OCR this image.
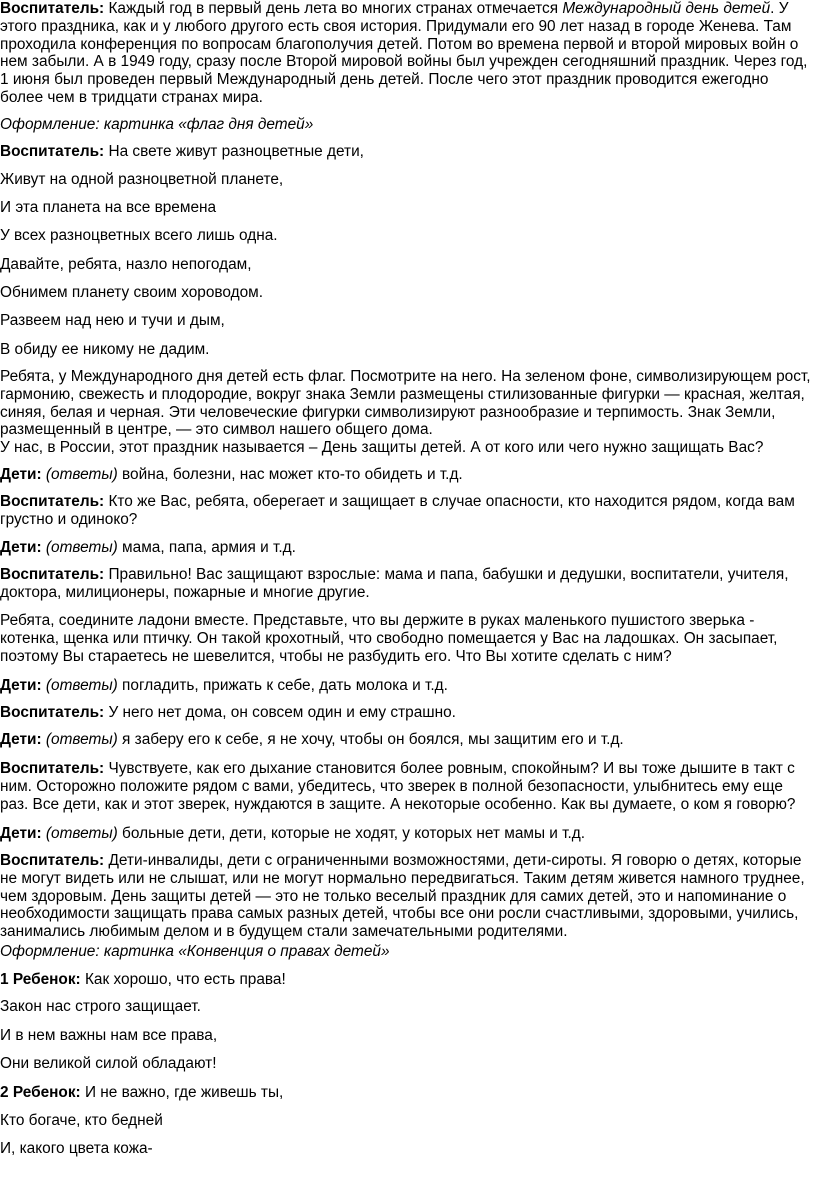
Воспитатель: Каждый год в первый день лета во многих странах отмечается Международный день детей. У этого праздника, как и у любого другого есть своя история. Придумали его 90 лет назад в городе Женева. Там проходила конференция по вопросам благополучия детей. Потом во времена первой и второй мировых войн о нем забыли. А в 1949 году, сразу после Второй мировой войны был учрежден сегодняшний праздник. Через год, 1 июня был проведен первый Международный день детей. После чего этот праздник проводится ежегодно более чем в тридцати странах мира.

Оформление: картинка «флаг дня детей»

Воспитатель: На свете живут разноцветные дети,

Живут на одной разноцветной планете,

И эта планета на все времена

У всех разноцветных всего лишь одна.

Давайте, ребята, назло непогодам,

Обнимем планету своим хороводом.

Развеем над нею и тучи и дым,

В обиду ее никому не дадим.

Ребята, у Международного дня детей есть флаг. Посмотрите на него. На зеленом фоне, символизирующем рост, гармонию, свежесть и плодородие, вокруг знака Земли размещены стилизованные фигурки — красная, желтая, синяя, белая и черная. Эти человеческие фигурки символизируют разнообразие и терпимость. Знак Земли, размещенный в центре, — это символ нашего общего дома.

У нас, в России, этот праздник называется – День защиты детей. А от кого или чего нужно защищать Вас?

Дети: (ответы) война, болезни, нас может кто-то обидеть и т.д.

Воспитатель: Кто же Вас, ребята, оберегает и защищает в случае опасности, кто находится рядом, когда вам грустно и одиноко?

Дети: (ответы) мама, папа, армия и т.д.

Воспитатель: Правильно! Вас защищают взрослые: мама и папа, бабушки и дедушки, воспитатели, учителя, доктора, милиционеры, пожарные и многие другие.

Ребята, соедините ладони вместе. Представьте, что вы держите в руках маленького пушистого зверька - котенка, щенка или птичку. Он такой крохотный, что свободно помещается у Вас на ладошках. Он засыпает, поэтому Вы стараетесь не шевелится, чтобы не разбудить его. Что Вы хотите сделать с ним?

Дети: (ответы) погладить, прижать к себе, дать молока и т.д.

Воспитатель: У него нет дома, он совсем один и ему страшно.

Дети: (ответы) я заберу его к себе, я не хочу, чтобы он боялся, мы защитим его и т.д.

Воспитатель: Чувствуете, как его дыхание становится более ровным, спокойным? И вы тоже дышите в такт с ним. Осторожно положите рядом с вами, убедитесь, что зверек в полной безопасности, улыбнитесь ему еще раз. Все дети, как и этот зверек, нуждаются в защите. А некоторые особенно. Как вы думаете, о ком я говорю?

Дети: (ответы) больные дети, дети, которые не ходят, у которых нет мамы и т.д.

Воспитатель: Дети-инвалиды, дети с ограниченными возможностями, дети-сироты. Я говорю о детях, которые не могут видеть или не слышат, или не могут нормально передвигаться. Таким детям живется намного труднее, чем здоровым. День защиты детей — это не только веселый праздник для самих детей, это и напоминание о необходимости защищать права самых разных детей, чтобы все они росли счастливыми, здоровыми, учились, занимались любимым делом и в будущем стали замечательными родителями.

Оформление: картинка «Конвенция о правах детей»

1 Ребенок: Как хорошо, что есть права!

Закон нас строго защищает.

И в нем важны нам все права,

Они великой силой обладают!

2 Ребенок: И не важно, где живешь ты,

Кто богаче, кто бедней

И, какого цвета кожа-
